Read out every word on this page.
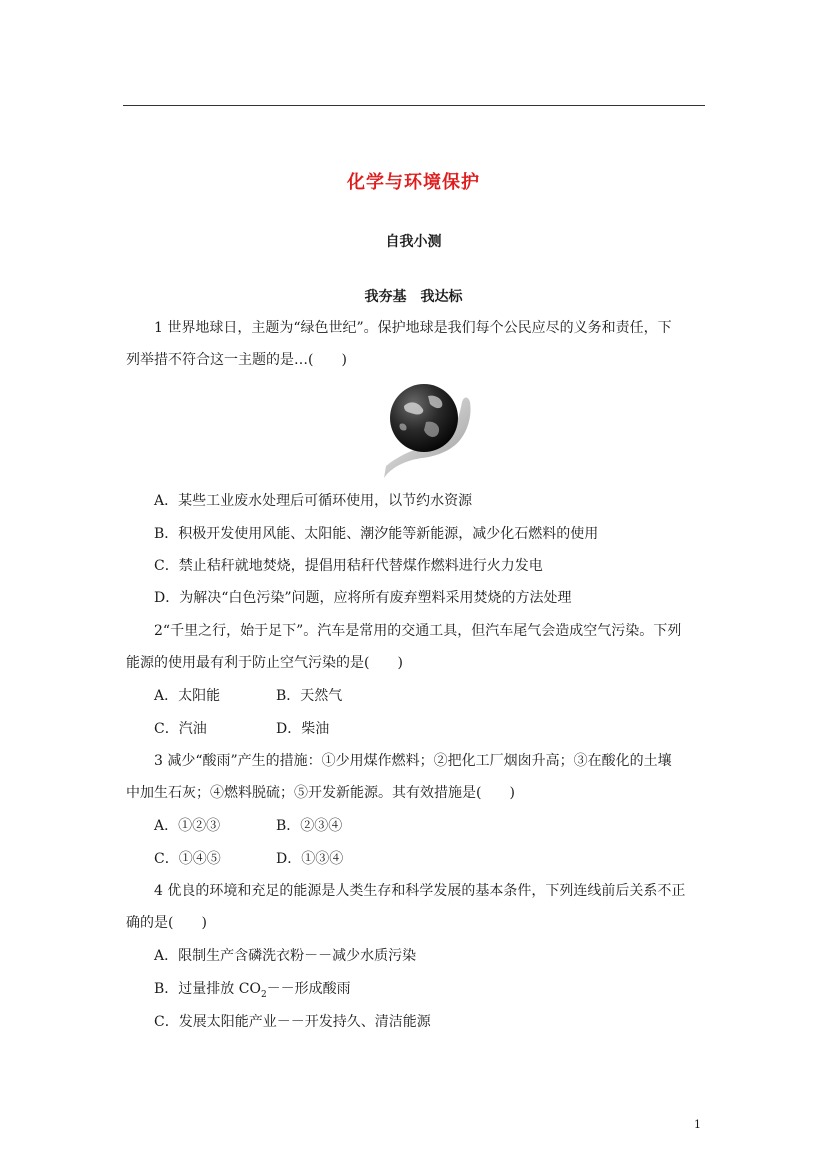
化学与环境保护
自我小测
我夯基　我达标
1 世界地球日，主题为“绿色世纪”。保护地球是我们每个公民应尽的义务和责任，下
列举措不符合这一主题的是…(　　)
A．某些工业废水处理后可循环使用，以节约水资源
B．积极开发使用风能、太阳能、潮汐能等新能源，减少化石燃料的使用
C．禁止秸秆就地焚烧，提倡用秸秆代替煤作燃料进行火力发电
D．为解决“白色污染”问题，应将所有废弃塑料采用焚烧的方法处理
2“千里之行，始于足下”。汽车是常用的交通工具，但汽车尾气会造成空气污染。下列
能源的使用最有利于防止空气污染的是(　　)
A．太阳能	B．天然气
C．汽油	D．柴油
3 减少“酸雨”产生的措施：①少用煤作燃料；②把化工厂烟囱升高；③在酸化的土壤
中加生石灰；④燃料脱硫；⑤开发新能源。其有效措施是(　　)
A．①②③	B．②③④
C．①④⑤	D．①③④
4 优良的环境和充足的能源是人类生存和科学发展的基本条件，下列连线前后关系不正
确的是(　　)
A．限制生产含磷洗衣粉－－减少水质污染
B．过量排放 $CO_2--$形成酸雨
C．发展太阳能产业－－开发持久、清洁能源
1
